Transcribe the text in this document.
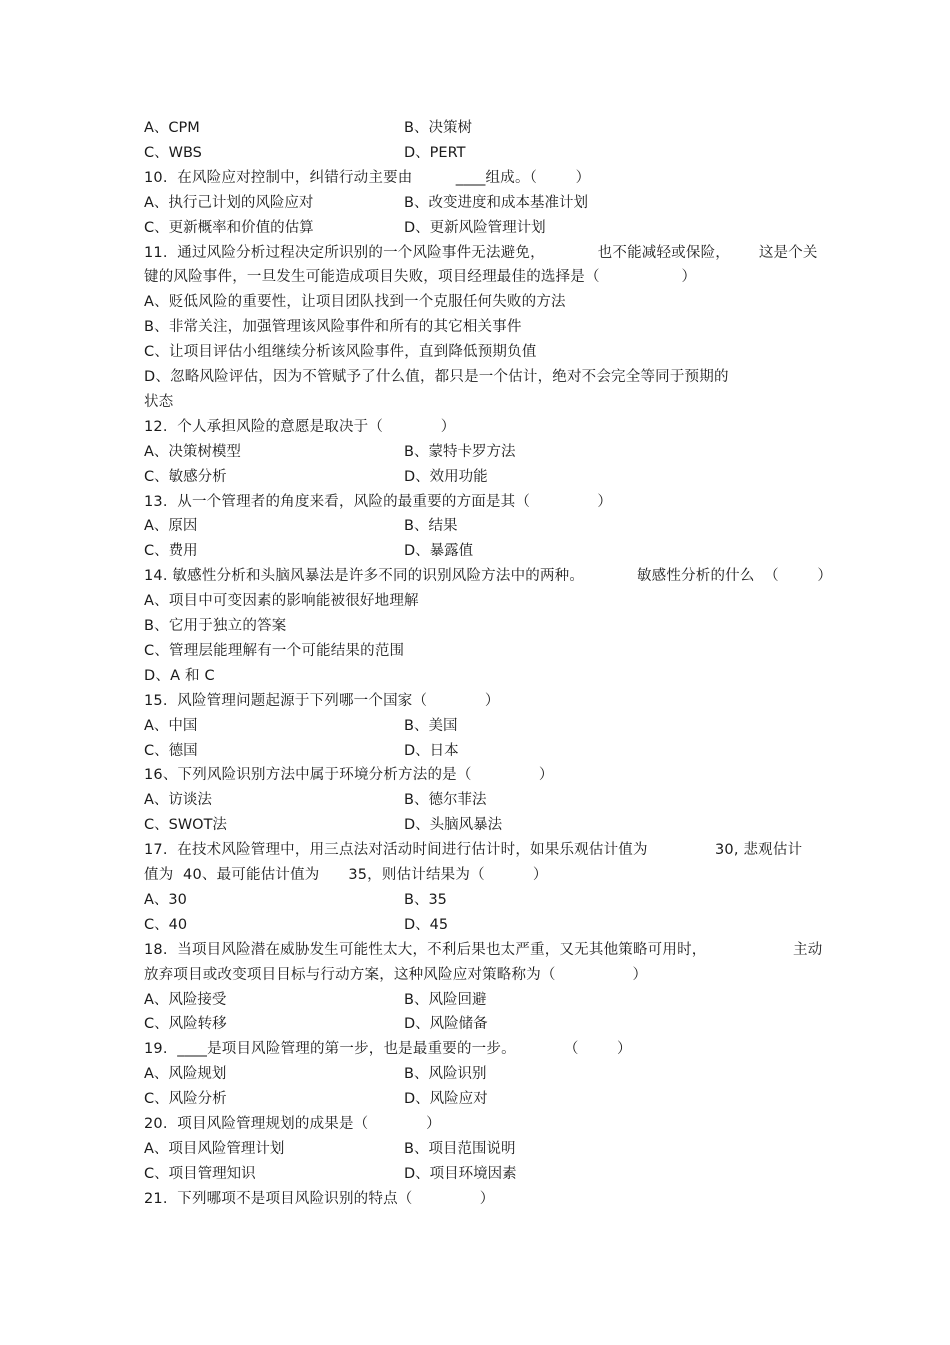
A、CPM	B、决策树
C、WBS	D、PERT
10.  在风险应对控制中，纠错行动主要由         ____组成。（        ）
A、执行己计划的风险应对	B、改变进度和成本基准计划
C、更新概率和价值的估算	D、更新风险管理计划
11.  通过风险分析过程决定所识别的一个风险事件无法避免，           也不能减轻或保险，      这是个关
键的风险事件，一旦发生可能造成项目失败，项目经理最佳的选择是（                 ）
A、贬低风险的重要性，让项目团队找到一个克服任何失败的方法
B、非常关注，加强管理该风险事件和所有的其它相关事件
C、让项目评估小组继续分析该风险事件，直到降低预期负值
D、忽略风险评估，因为不管赋予了什么值，都只是一个估计，绝对不会完全等同于预期的
状态
12.  个人承担风险的意愿是取决于（            ）
A、决策树模型	B、蒙特卡罗方法
C、敏感分析	D、效用功能
13.  从一个管理者的角度来看，风险的最重要的方面是其（              ）
A、原因	B、结果
C、费用	D、暴露值
14. 敏感性分析和头脑风暴法是许多不同的识别风险方法中的两种。           敏感性分析的什么  （        ）
A、项目中可变因素的影响能被很好地理解
B、它用于独立的答案
C、管理层能理解有一个可能结果的范围
D、A 和 C
15.  风险管理问题起源于下列哪一个国家（            ）
A、中国	B、美国
C、德国	D、日本
16、下列风险识别方法中属于环境分析方法的是（              ）
A、访谈法	B、德尔菲法
C、SWOT法	D、头脑风暴法
17.  在技术风险管理中，用三点法对活动时间进行估计时，如果乐观估计值为              30, 悲观估计
值为  40、最可能估计值为      35，则估计结果为（          ）
A、30	B、35
C、40	D、45
18.  当项目风险潜在威胁发生可能性太大，不利后果也太严重，又无其他策略可用时，                  主动
放弃项目或改变项目目标与行动方案，这种风险应对策略称为（                ）
A、风险接受	B、风险回避
C、风险转移	D、风险储备
19.  ____是项目风险管理的第一步，也是最重要的一步。          （        ）
A、风险规划	B、风险识别
C、风险分析	D、风险应对
20.  项目风险管理规划的成果是（            ）
A、项目风险管理计划	B、项目范围说明
C、项目管理知识	D、项目环境因素
21.  下列哪项不是项目风险识别的特点（              ）
